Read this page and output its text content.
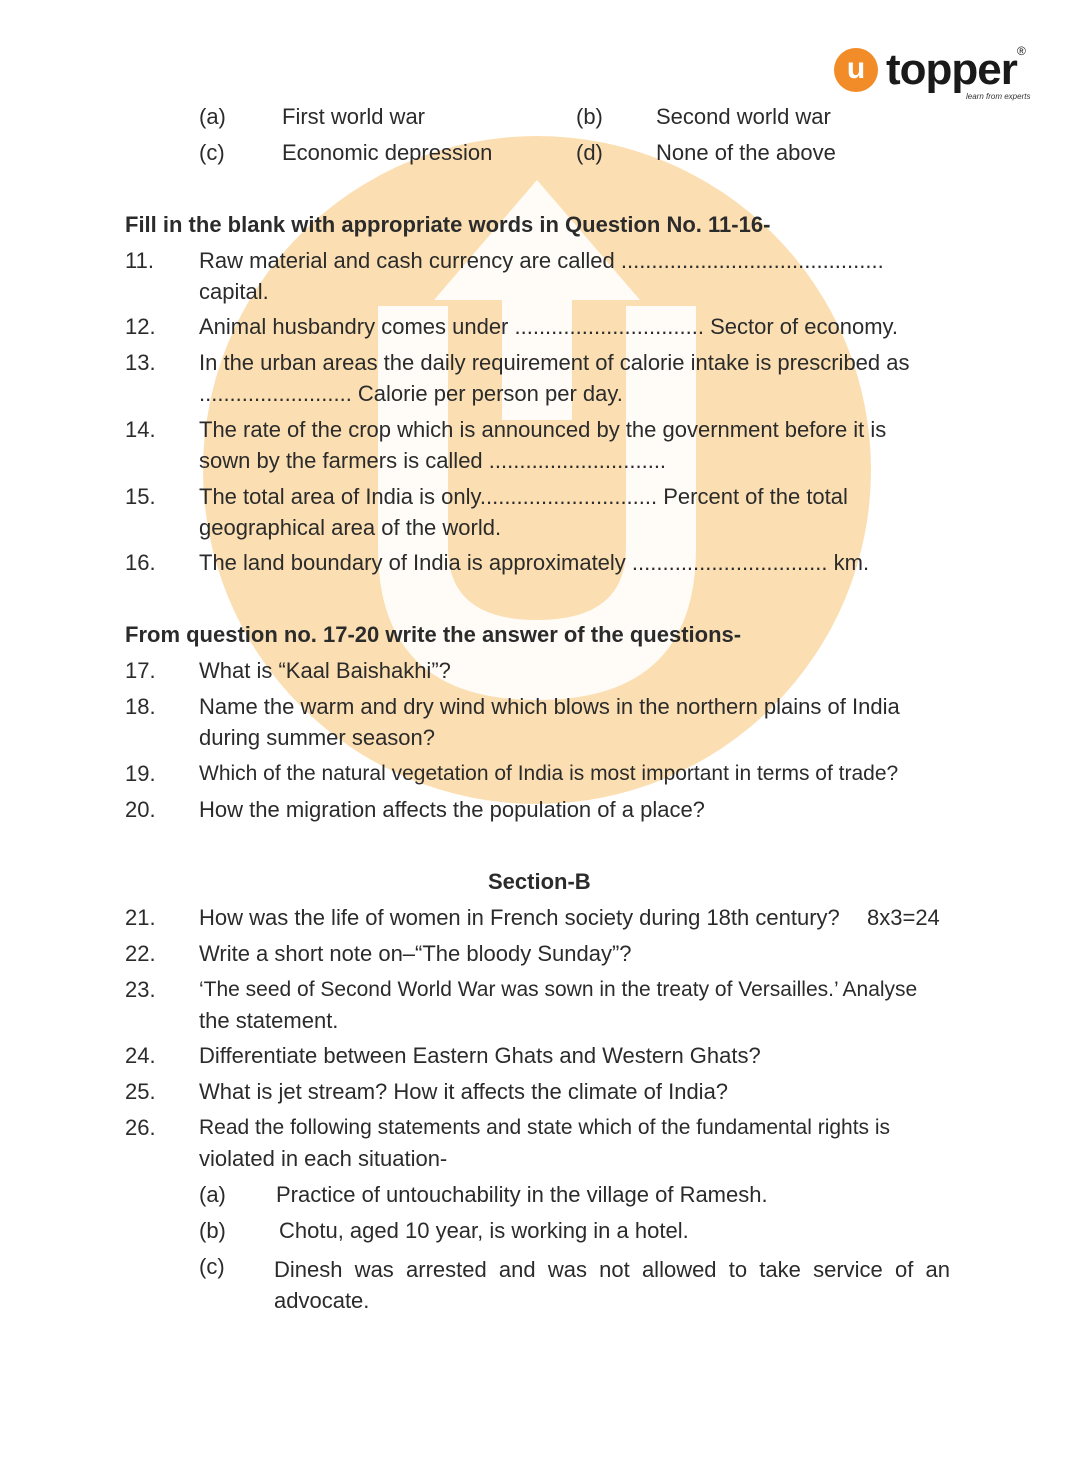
u topper ®
learn from experts
(a)	First world war	(b) Second world war
(c)	Economic depression	(d) None of the above
Fill in the blank with appropriate words in Question No. 11-16-
11. Raw material and cash currency are called ...........................................
capital.
12. Animal husbandry comes under ............................... Sector of economy.
13. In the urban areas the daily requirement of calorie intake is prescribed as
......................... Calorie per person per day.
14. The rate of the crop which is announced by the government before it is
sown by the farmers is called .............................
15. The total area of India is only............................. Percent of the total
geographical area of the world.
16. The land boundary of India is approximately ................................ km.
From question no. 17-20 write the answer of the questions-
17. What is “Kaal Baishakhi”?
18. Name the warm and dry wind which blows in the northern plains of India
during summer season?
19. Which of the natural vegetation of India is most important in terms of trade?
20. How the migration affects the population of a place?
Section-B
21. How was the life of women in French society during 18th century? 8x3=24
22. Write a short note on–“The bloody Sunday”?
23. ‘The seed of Second World War was sown in the treaty of Versailles.’ Analyse
the statement.
24. Differentiate between Eastern Ghats and Western Ghats?
25. What is jet stream? How it affects the climate of India?
26. Read the following statements and state which of the fundamental rights is
violated in each situation-
(a) Practice of untouchability in the village of Ramesh.
(b) Chotu, aged 10 year, is working in a hotel.
(c) Dinesh was arrested and was not allowed to take service of an advocate.
